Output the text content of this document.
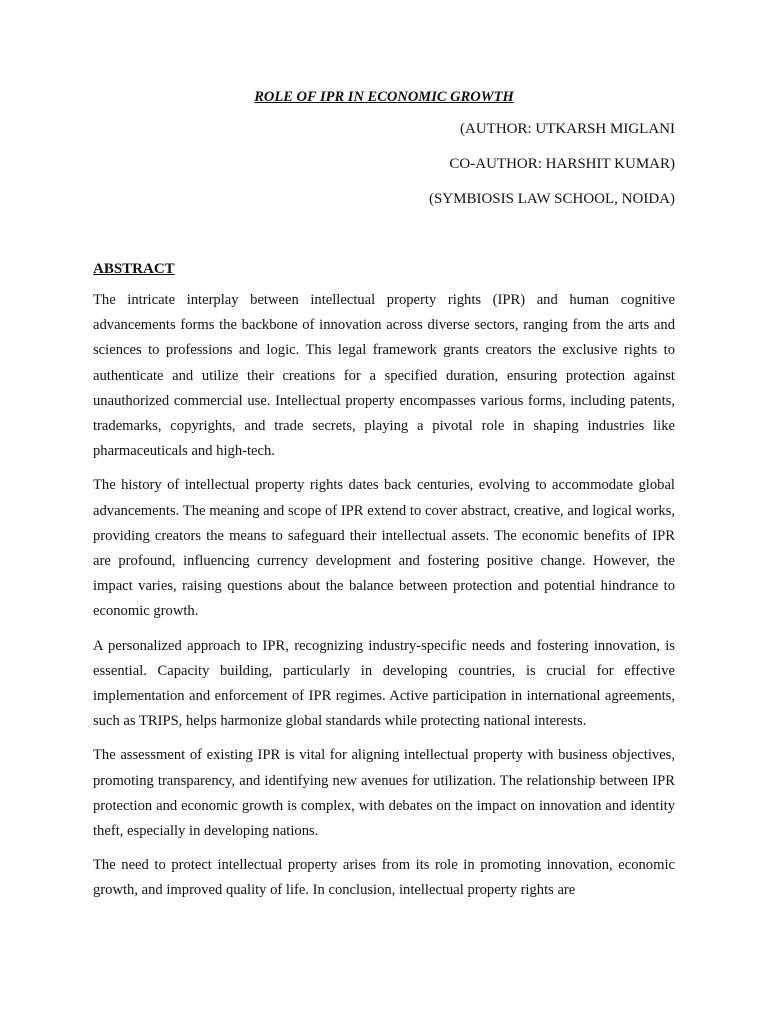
ROLE OF IPR IN ECONOMIC GROWTH
(AUTHOR: UTKARSH MIGLANI
CO-AUTHOR: HARSHIT KUMAR)
(SYMBIOSIS LAW SCHOOL, NOIDA)
ABSTRACT

The intricate interplay between intellectual property rights (IPR) and human cognitive advancements forms the backbone of innovation across diverse sectors, ranging from the arts and sciences to professions and logic. This legal framework grants creators the exclusive rights to authenticate and utilize their creations for a specified duration, ensuring protection against unauthorized commercial use. Intellectual property encompasses various forms, including patents, trademarks, copyrights, and trade secrets, playing a pivotal role in shaping industries like pharmaceuticals and high-tech.

The history of intellectual property rights dates back centuries, evolving to accommodate global advancements. The meaning and scope of IPR extend to cover abstract, creative, and logical works, providing creators the means to safeguard their intellectual assets. The economic benefits of IPR are profound, influencing currency development and fostering positive change. However, the impact varies, raising questions about the balance between protection and potential hindrance to economic growth.

A personalized approach to IPR, recognizing industry-specific needs and fostering innovation, is essential. Capacity building, particularly in developing countries, is crucial for effective implementation and enforcement of IPR regimes. Active participation in international agreements, such as TRIPS, helps harmonize global standards while protecting national interests.

The assessment of existing IPR is vital for aligning intellectual property with business objectives, promoting transparency, and identifying new avenues for utilization. The relationship between IPR protection and economic growth is complex, with debates on the impact on innovation and identity theft, especially in developing nations.

The need to protect intellectual property arises from its role in promoting innovation, economic growth, and improved quality of life. In conclusion, intellectual property rights are
